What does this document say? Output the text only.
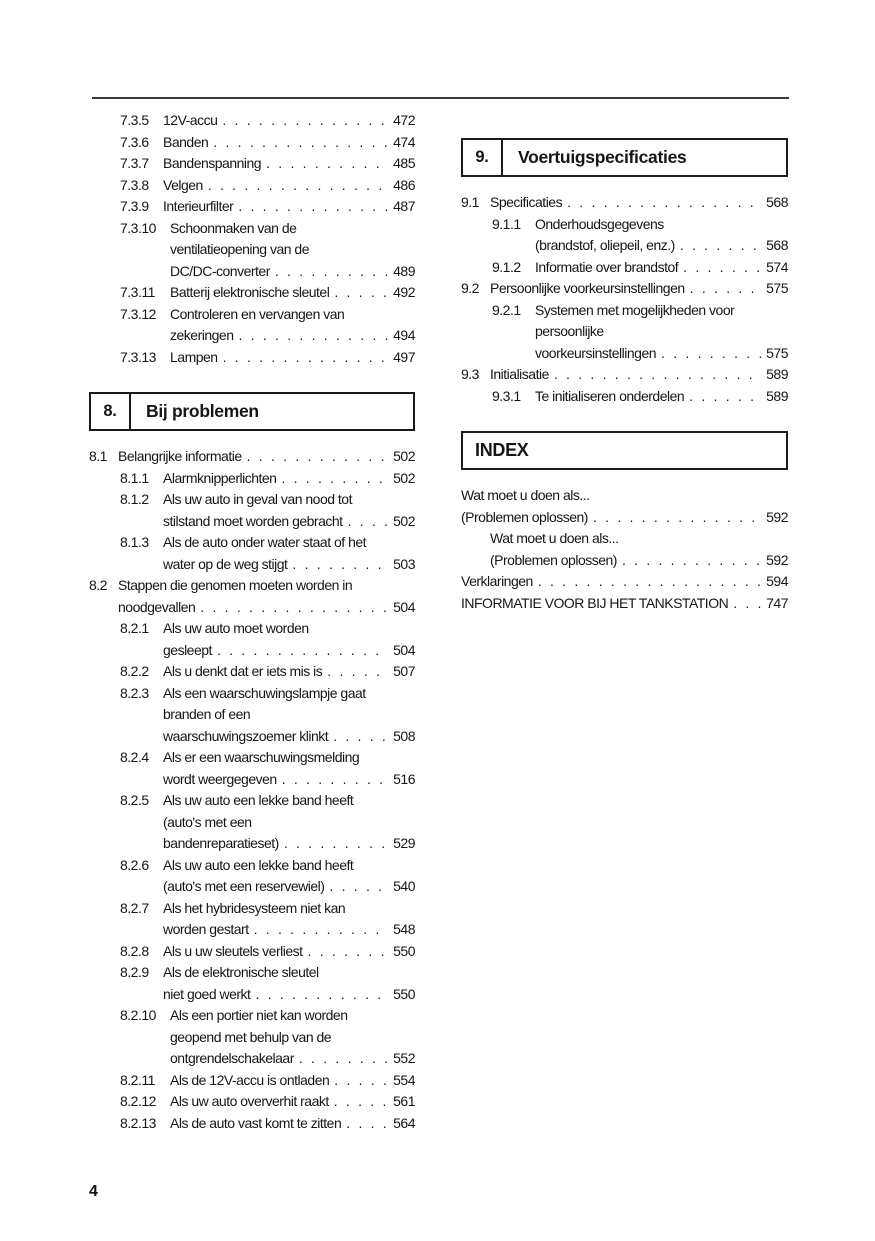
7.3.5 12V-accu . . .	472
7.3.6 Banden . . .	474
7.3.7 Bandenspanning . . .	485
7.3.8 Velgen . . .	486
7.3.9 Interieurfilter . . .	487
7.3.10 Schoonmaken van de
ventilatieopening van de
DC/DC-converter . . .	489
7.3.11 Batterij elektronische sleutel . . .	492
7.3.12 Controleren en vervangen van
zekeringen . . .	494
7.3.13 Lampen . . .	497
8.	Bij problemen
8.1 Belangrijke informatie . . .	502
8.1.1 Alarmknipperlichten . . .	502
8.1.2 Als uw auto in geval van nood tot
stilstand moet worden gebracht . . .	502
8.1.3 Als de auto onder water staat of het
water op de weg stijgt . . .	503
8.2 Stappen die genomen moeten worden in
noodgevallen . . .	504
8.2.1 Als uw auto moet worden
gesleept . . .	504
8.2.2 Als u denkt dat er iets mis is . . .	507
8.2.3 Als een waarschuwingslampje gaat
branden of een
waarschuwingszoemer klinkt . . .	508
8.2.4 Als er een waarschuwingsmelding
wordt weergegeven . . .	516
8.2.5 Als uw auto een lekke band heeft
(auto's met een
bandenreparatieset) . . .	529
8.2.6 Als uw auto een lekke band heeft
(auto's met een reservewiel) . . .	540
8.2.7 Als het hybridesysteem niet kan
worden gestart . . .	548
8.2.8 Als u uw sleutels verliest . . .	550
8.2.9 Als de elektronische sleutel
niet goed werkt . . .	550
8.2.10 Als een portier niet kan worden
geopend met behulp van de
ontgrendelschakelaar . . .	552
8.2.11 Als de 12V-accu is ontladen . . .	554
8.2.12 Als uw auto oververhit raakt . . .	561
8.2.13 Als de auto vast komt te zitten . . .	564
9.	Voertuigspecificaties
9.1 Specificaties . . .	568
9.1.1 Onderhoudsgegevens
(brandstof, oliepeil, enz.) . . .	568
9.1.2 Informatie over brandstof . . .	574
9.2 Persoonlijke voorkeursinstellingen . . .	575
9.2.1 Systemen met mogelijkheden voor
persoonlijke
voorkeursinstellingen . . .	575
9.3 Initialisatie . . .	589
9.3.1 Te initialiseren onderdelen . . .	589
INDEX
Wat moet u doen als...
(Problemen oplossen) . . .	592
Wat moet u doen als...
(Problemen oplossen) . . .	592
Verklaringen . . .	594
INFORMATIE VOOR BIJ HET TANKSTATION . . .	747
4
